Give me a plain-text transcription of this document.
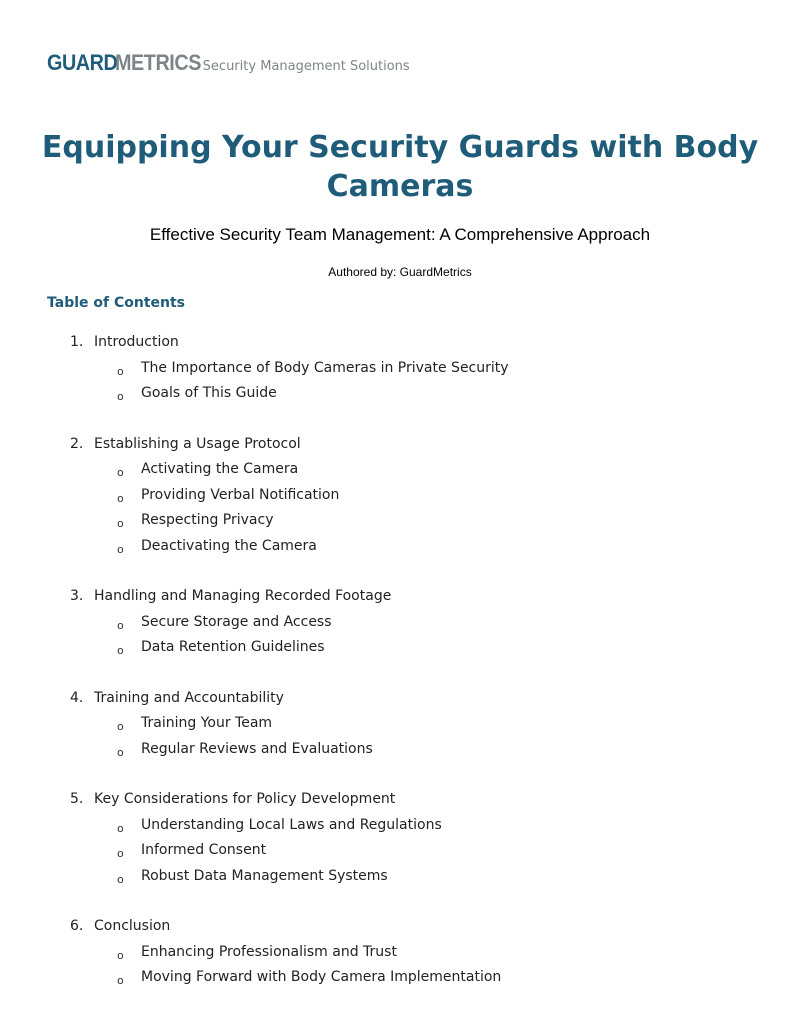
GUARD
METRICS Security Management Solutions
Equipping Your Security Guards with Body Cameras
Effective Security Team Management: A Comprehensive Approach
Authored by: GuardMetrics
Table of Contents
1. Introduction
o The Importance of Body Cameras in Private Security
o Goals of This Guide
2. Establishing a Usage Protocol
o Activating the Camera
o Providing Verbal Notification
o Respecting Privacy
o Deactivating the Camera
3. Handling and Managing Recorded Footage
o Secure Storage and Access
o Data Retention Guidelines
4. Training and Accountability
o Training Your Team
o Regular Reviews and Evaluations
5. Key Considerations for Policy Development
o Understanding Local Laws and Regulations
o Informed Consent
o Robust Data Management Systems
6. Conclusion
o Enhancing Professionalism and Trust
o Moving Forward with Body Camera Implementation
